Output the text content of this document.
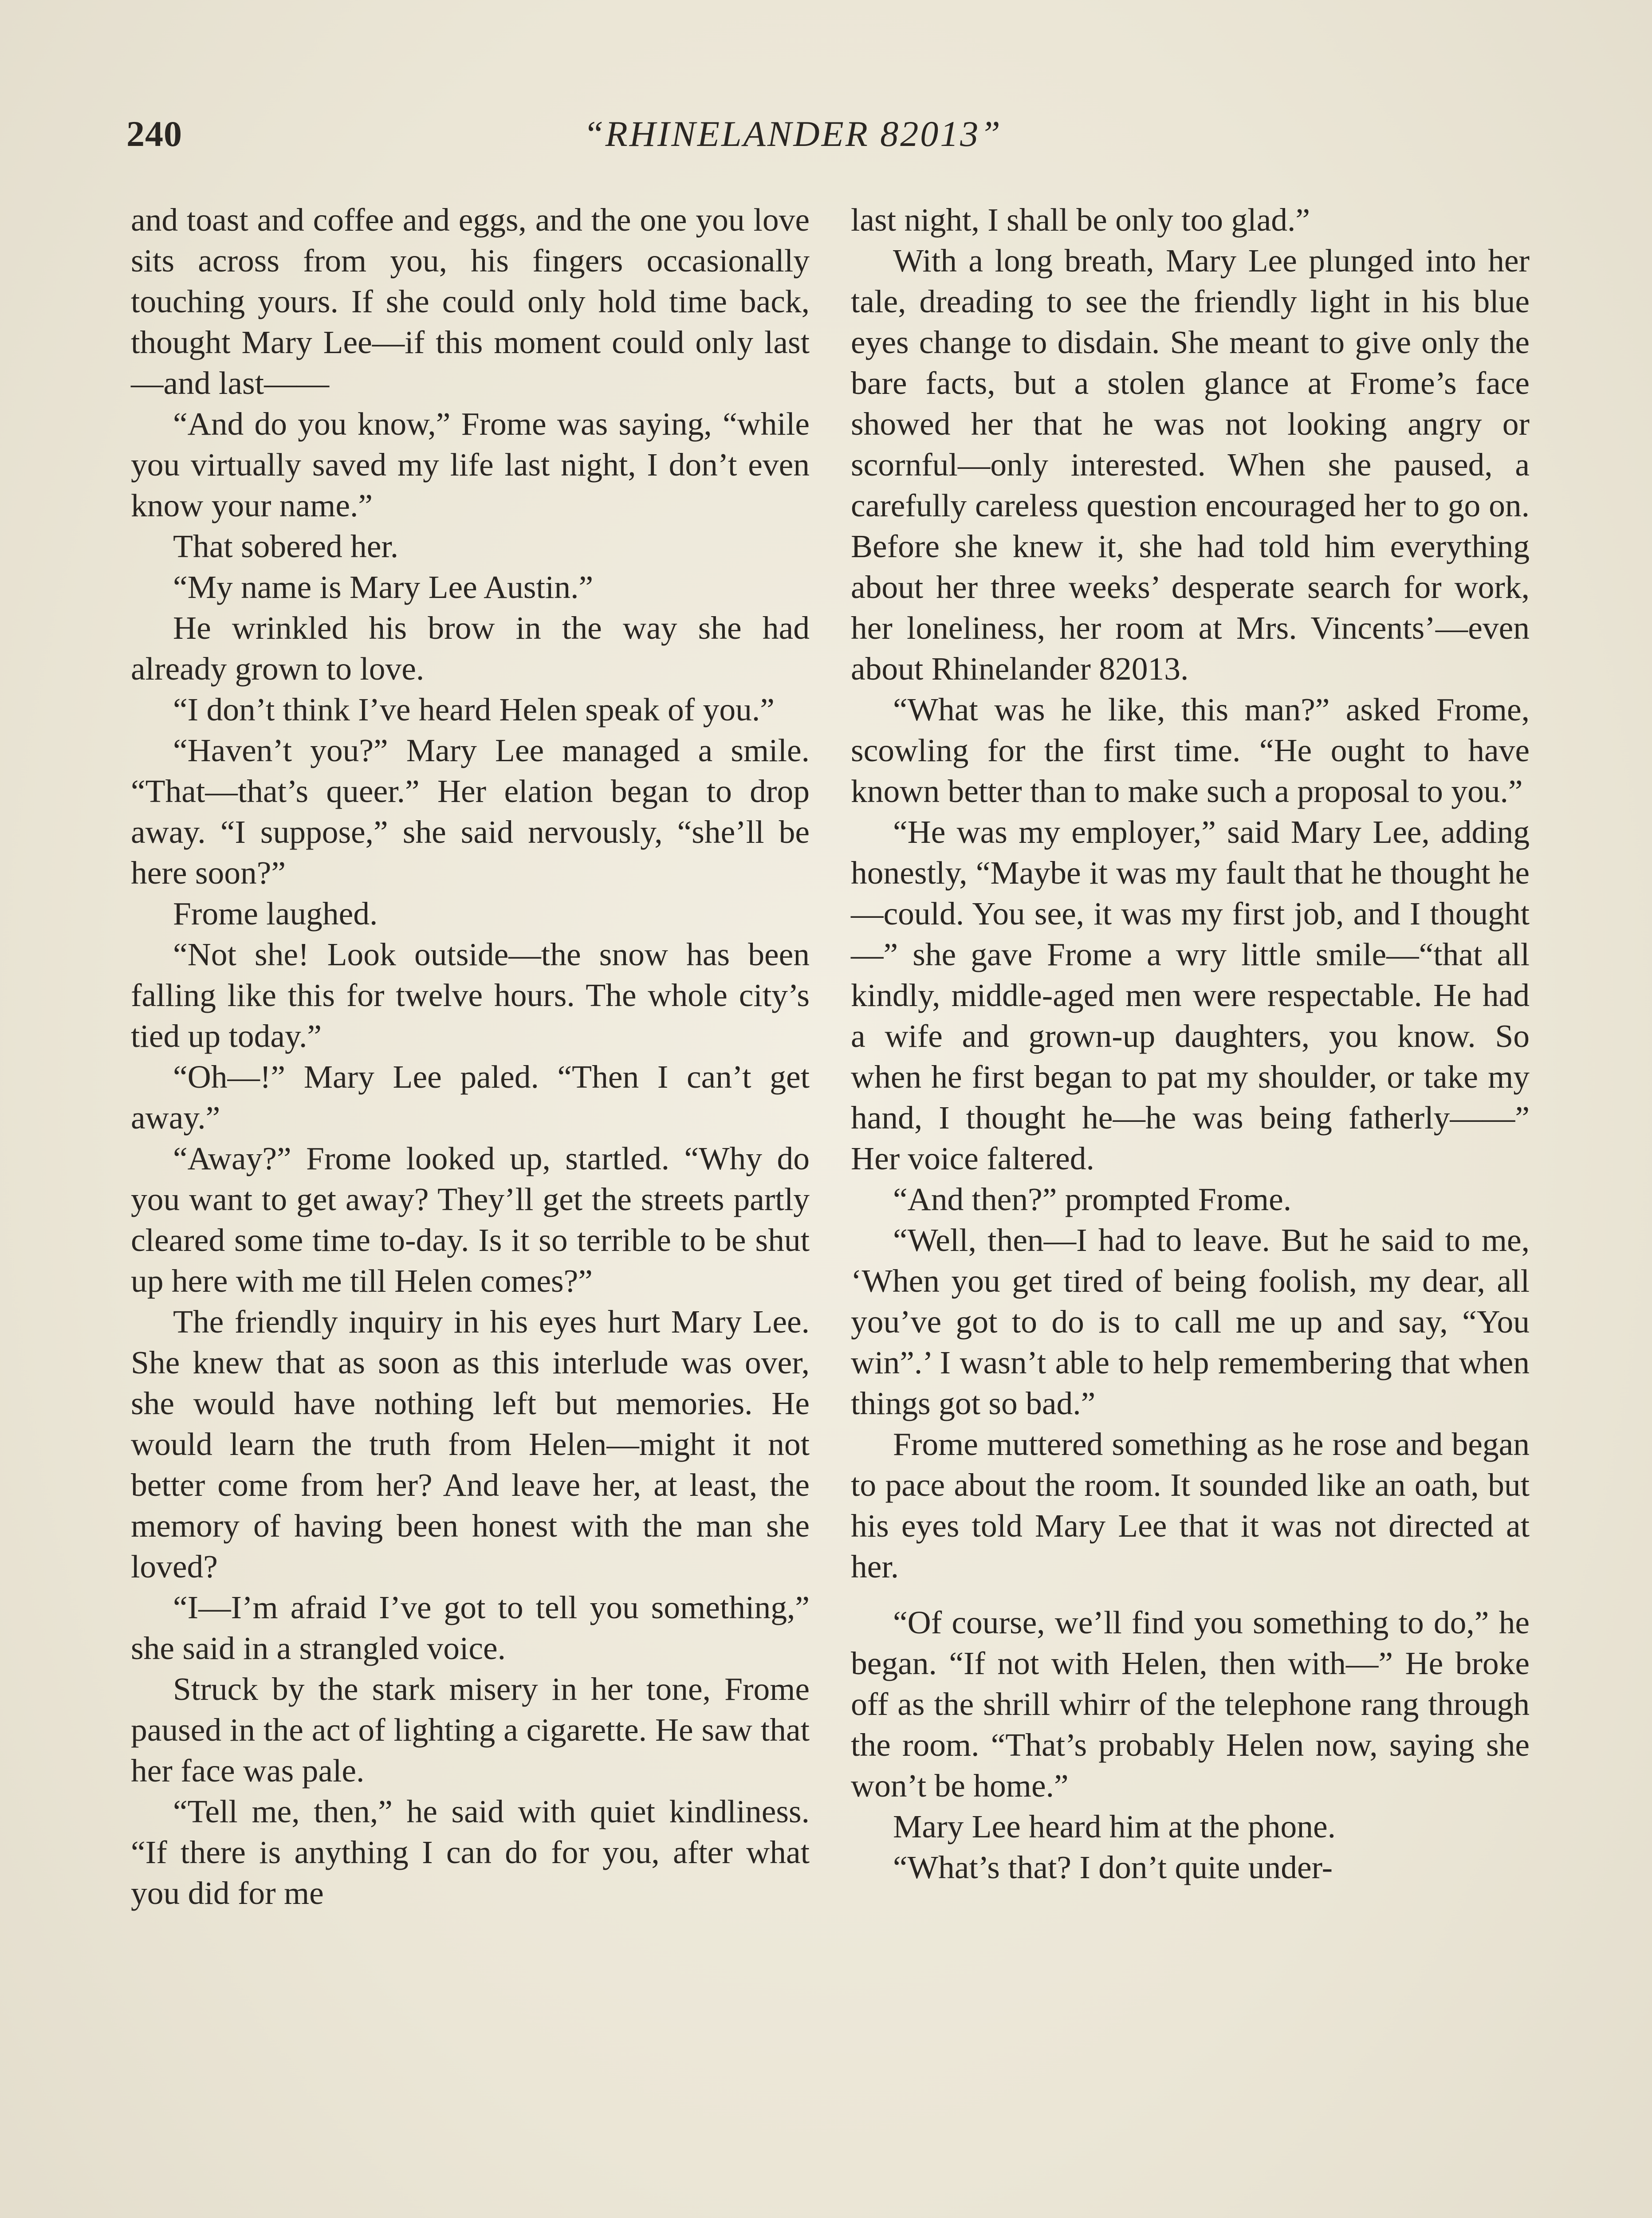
240	“RHINELANDER 82013”

and toast and coffee and eggs, and the one you love sits across from you, his fingers occasionally touching yours. If she could only hold time back, thought Mary Lee—if this moment could only last—and last——

“And do you know,” Frome was saying, “while you virtually saved my life last night, I don’t even know your name.”

That sobered her.

“My name is Mary Lee Austin.”

He wrinkled his brow in the way she had already grown to love.

“I don’t think I’ve heard Helen speak of you.”

“Haven’t you?” Mary Lee managed a smile. “That—that’s queer.” Her elation began to drop away. “I suppose,” she said nervously, “she’ll be here soon?”

Frome laughed.

“Not she! Look outside—the snow has been falling like this for twelve hours. The whole city’s tied up today.”

“Oh—!” Mary Lee paled. “Then I can’t get away.”

“Away?” Frome looked up, startled. “Why do you want to get away? They’ll get the streets partly cleared some time to-day. Is it so terrible to be shut up here with me till Helen comes?”

The friendly inquiry in his eyes hurt Mary Lee. She knew that as soon as this interlude was over, she would have nothing left but memories. He would learn the truth from Helen—might it not better come from her? And leave her, at least, the memory of having been honest with the man she loved?

“I—I’m afraid I’ve got to tell you something,” she said in a strangled voice.

Struck by the stark misery in her tone, Frome paused in the act of lighting a cigarette. He saw that her face was pale.

“Tell me, then,” he said with quiet kindliness. “If there is anything I can do for you, after what you did for me

last night, I shall be only too glad.”

With a long breath, Mary Lee plunged into her tale, dreading to see the friendly light in his blue eyes change to disdain. She meant to give only the bare facts, but a stolen glance at Frome’s face showed her that he was not looking angry or scornful—only interested. When she paused, a carefully careless question encouraged her to go on. Before she knew it, she had told him everything about her three weeks’ desperate search for work, her loneliness, her room at Mrs. Vincents’—even about Rhinelander 82013.

“What was he like, this man?” asked Frome, scowling for the first time. “He ought to have known better than to make such a proposal to you.”

“He was my employer,” said Mary Lee, adding honestly, “Maybe it was my fault that he thought he—could. You see, it was my first job, and I thought—” she gave Frome a wry little smile—“that all kindly, middle-aged men were respectable. He had a wife and grown-up daughters, you know. So when he first began to pat my shoulder, or take my hand, I thought he—he was being fatherly——” Her voice faltered.

“And then?” prompted Frome.

“Well, then—I had to leave. But he said to me, ‘When you get tired of being foolish, my dear, all you’ve got to do is to call me up and say, “You win”.’ I wasn’t able to help remembering that when things got so bad.”

Frome muttered something as he rose and began to pace about the room. It sounded like an oath, but his eyes told Mary Lee that it was not directed at her.

“Of course, we’ll find you something to do,” he began. “If not with Helen, then with—” He broke off as the shrill whirr of the telephone rang through the room. “That’s probably Helen now, saying she won’t be home.”

Mary Lee heard him at the phone.

“What’s that? I don’t quite under-
